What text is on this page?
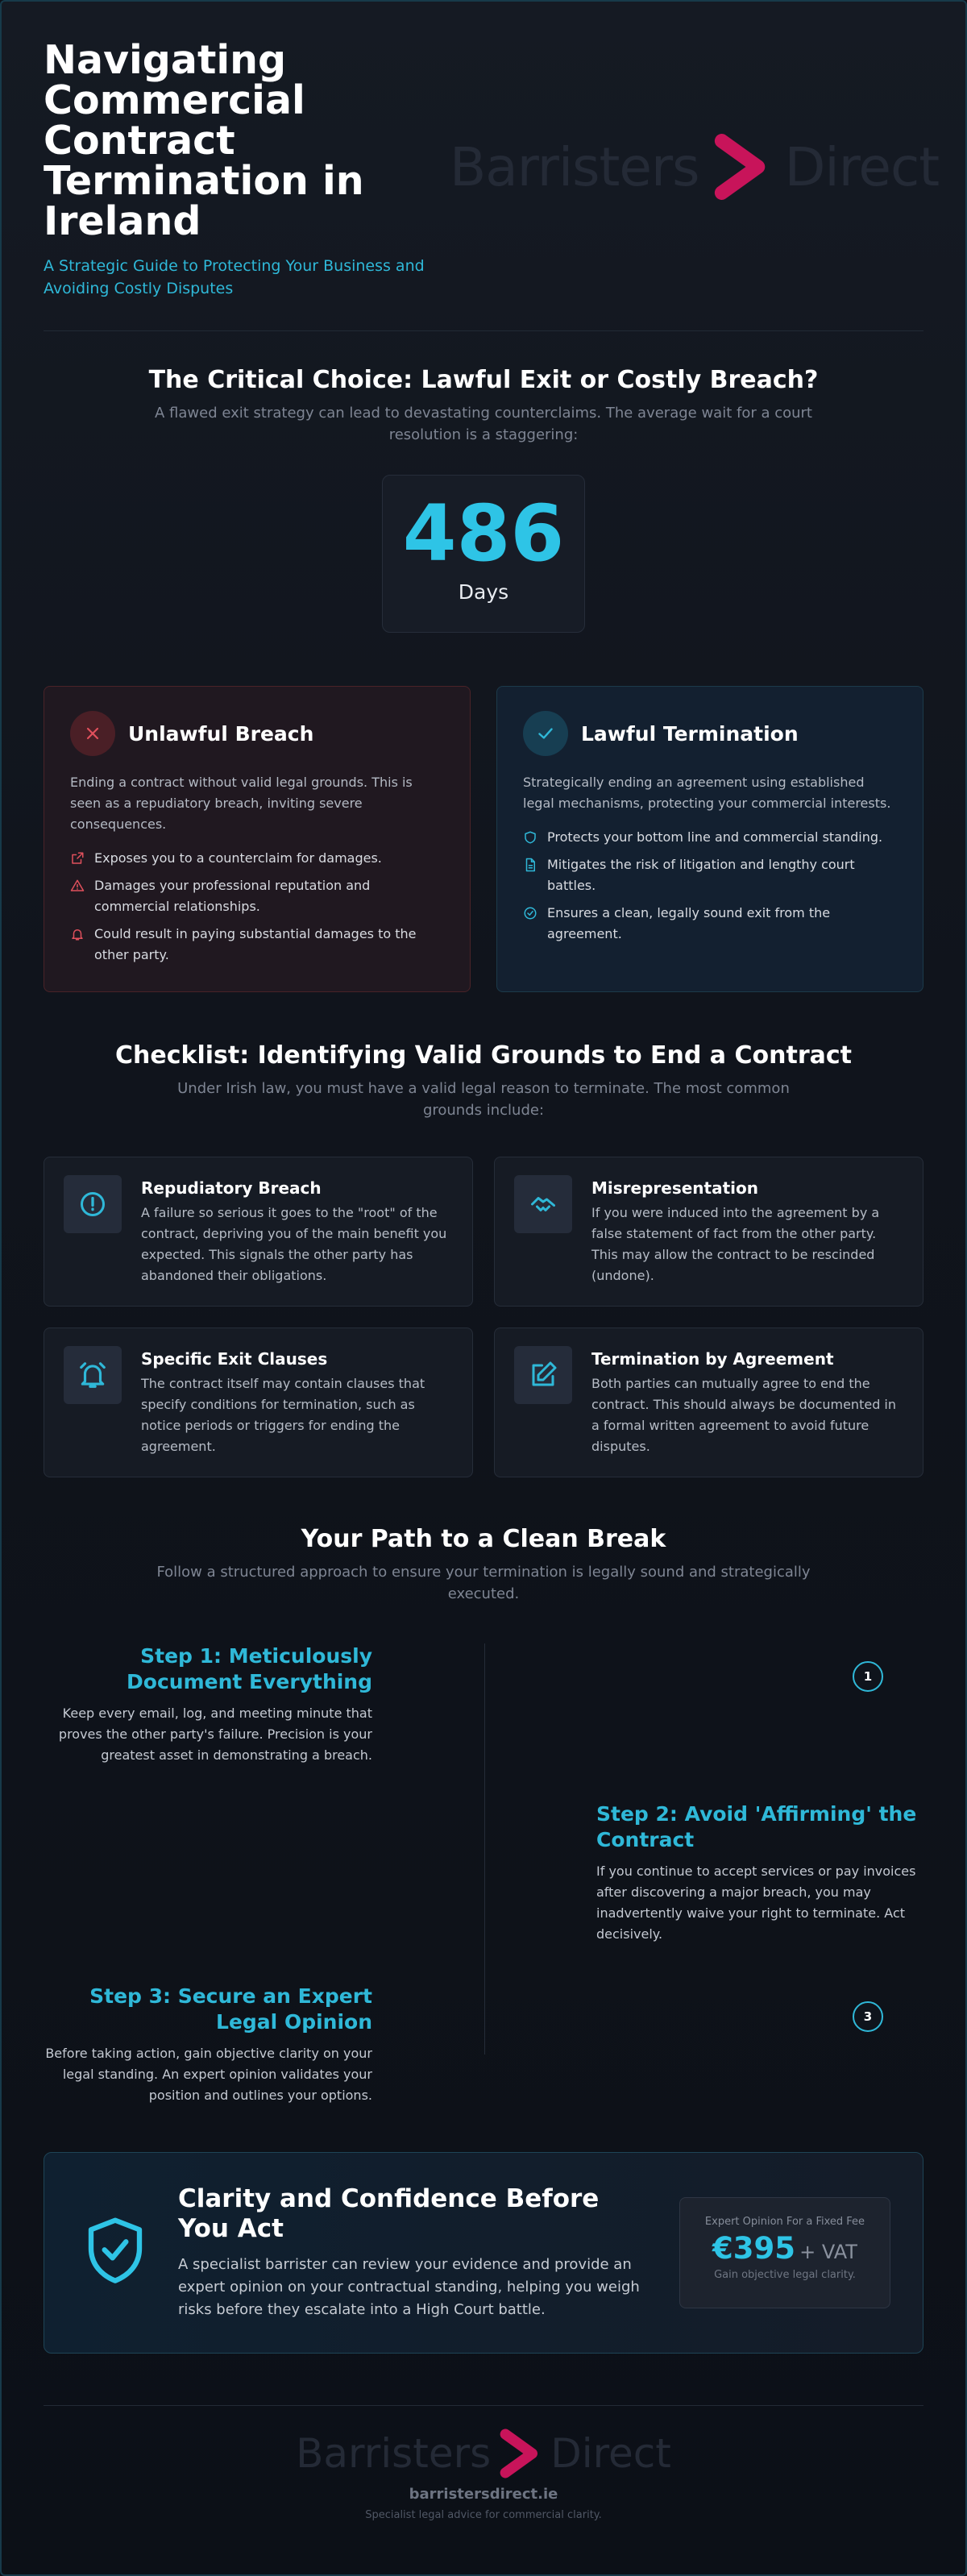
Navigating Commercial Contract Termination in Ireland

A Strategic Guide to Protecting Your Business and Avoiding Costly Disputes

Barristers Direct
The Critical Choice: Lawful Exit or Costly Breach?

A flawed exit strategy can lead to devastating counterclaims. The average wait for a court resolution is a staggering:

486
Days
Unlawful Breach

Ending a contract without valid legal grounds. This is seen as a repudiatory breach, inviting severe consequences.

Exposes you to a counterclaim for damages.
Damages your professional reputation and commercial relationships.
Could result in paying substantial damages to the other party.
Lawful Termination

Strategically ending an agreement using established legal mechanisms, protecting your commercial interests.

Protects your bottom line and commercial standing.
Mitigates the risk of litigation and lengthy court battles.
Ensures a clean, legally sound exit from the agreement.
Checklist: Identifying Valid Grounds to End a Contract

Under Irish law, you must have a valid legal reason to terminate. The most common grounds include:

Repudiatory Breach
A failure so serious it goes to the "root" of the contract, depriving you of the main benefit you expected. This signals the other party has abandoned their obligations.
Misrepresentation
If you were induced into the agreement by a false statement of fact from the other party. This may allow the contract to be rescinded (undone).
Specific Exit Clauses
The contract itself may contain clauses that specify conditions for termination, such as notice periods or triggers for ending the agreement.
Termination by Agreement
Both parties can mutually agree to end the contract. This should always be documented in a formal written agreement to avoid future disputes.
Your Path to a Clean Break

Follow a structured approach to ensure your termination is legally sound and strategically executed.

Step 1: Meticulously Document Everything
Keep every email, log, and meeting minute that proves the other party's failure. Precision is your greatest asset in demonstrating a breach.
1
Step 2: Avoid 'Affirming' the Contract
If you continue to accept services or pay invoices after discovering a major breach, you may inadvertently waive your right to terminate. Act decisively.
Step 3: Secure an Expert Legal Opinion
Before taking action, gain objective clarity on your legal standing. An expert opinion validates your position and outlines your options.
3
Clarity and Confidence Before You Act
A specialist barrister can review your evidence and provide an expert opinion on your contractual standing, helping you weigh risks before they escalate into a High Court battle.
Expert Opinion For a Fixed Fee
€395 + VAT
Gain objective legal clarity.
Barristers Direct
barristersdirect.ie
Specialist legal advice for commercial clarity.
